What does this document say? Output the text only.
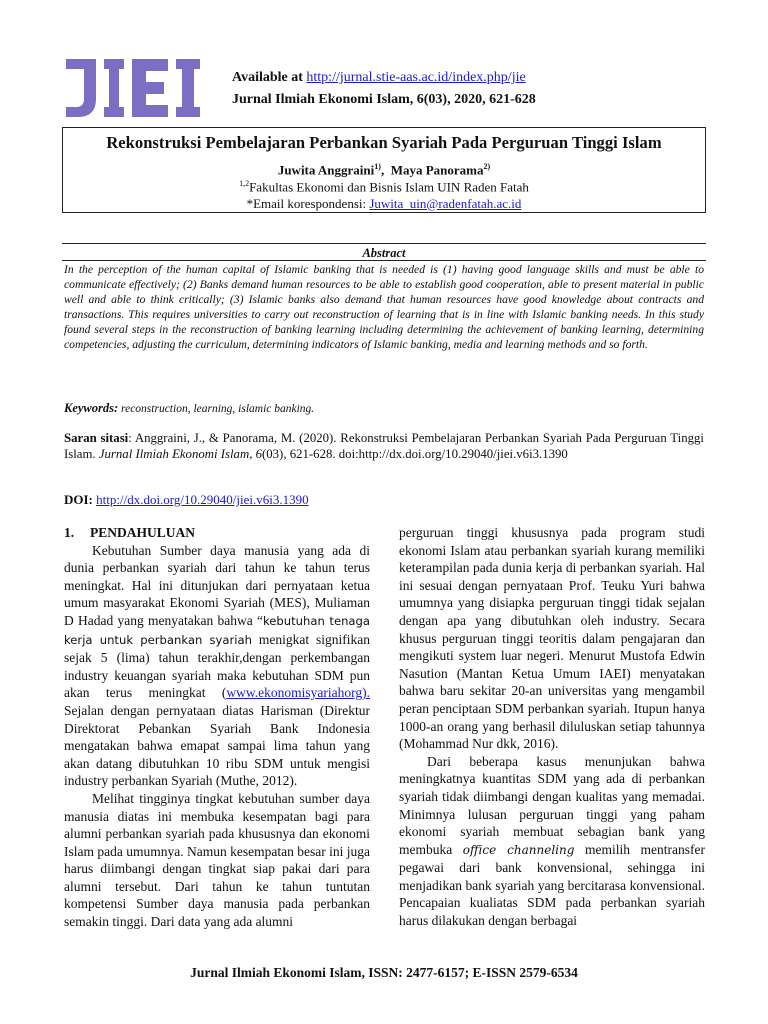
Available at http://jurnal.stie-aas.ac.id/index.php/jie
Jurnal Ilmiah Ekonomi Islam, 6(03), 2020, 621-628
Rekonstruksi Pembelajaran Perbankan Syariah Pada Perguruan Tinggi Islam
Juwita Anggraini$^{1)}$,  Maya Panorama$^{2)}$
$^{1,2}$Fakultas Ekonomi dan Bisnis Islam UIN Raden Fatah
*Email korespondensi: Juwita_uin@radenfatah.ac.id
Abstract
In the perception of the human capital of Islamic banking that is needed is (1) having good language skills and must be able to communicate effectively; (2) Banks demand human resources to be able to establish good cooperation, able to present material in public well and able to think critically; (3) Islamic banks also demand that human resources have good knowledge about contracts and transactions. This requires universities to carry out reconstruction of learning that is in line with Islamic banking needs. In this study found several steps in the reconstruction of banking learning including determining the achievement of banking learning, determining competencies, adjusting the curriculum, determining indicators of Islamic banking, media and learning methods and so forth.
Keywords: reconstruction, learning, islamic banking.
Saran sitasi: Anggraini, J., & Panorama, M. (2020). Rekonstruksi Pembelajaran Perbankan Syariah Pada Perguruan Tinggi Islam. Jurnal Ilmiah Ekonomi Islam, 6(03), 621-628. doi:http://dx.doi.org/10.29040/jiei.v6i3.1390
DOI: http://dx.doi.org/10.29040/jiei.v6i3.1390
1. PENDAHULUAN

Kebutuhan Sumber daya manusia yang ada di dunia perbankan syariah dari tahun ke tahun terus meningkat. Hal ini ditunjukan dari pernyataan ketua umum masyarakat Ekonomi Syariah (MES), Muliaman D Hadad yang menyatakan bahwa “kebutuhan tenaga kerja untuk perbankan syariah menigkat signifikan sejak 5 (lima) tahun terakhir,dengan perkembangan industry keuangan syariah maka kebutuhan SDM pun akan terus meningkat (www.ekonomisyariahorg). Sejalan dengan pernyataan diatas Harisman (Direktur Direktorat Pebankan Syariah Bank Indonesia mengatakan bahwa emapat sampai lima tahun yang akan datang dibutuhkan 10 ribu SDM untuk mengisi industry perbankan Syariah (Muthe, 2012).

Melihat tingginya tingkat kebutuhan sumber daya manusia diatas ini membuka kesempatan bagi para alumni perbankan syariah pada khususnya dan ekonomi Islam pada umumnya. Namun kesempatan besar ini juga harus diimbangi dengan tingkat siap pakai dari para alumni tersebut. Dari tahun ke tahun tuntutan kompetensi Sumber daya manusia pada perbankan semakin tinggi. Dari data yang ada alumni

perguruan tinggi khususnya pada program studi ekonomi Islam atau perbankan syariah kurang memiliki keterampilan pada dunia kerja di perbankan syariah. Hal ini sesuai dengan pernyataan Prof. Teuku Yuri bahwa umumnya yang disiapka perguruan tinggi tidak sejalan dengan apa yang dibutuhkan oleh industry. Secara khusus perguruan tinggi teoritis dalam pengajaran dan mengikuti system luar negeri. Menurut Mustofa Edwin Nasution (Mantan Ketua Umum IAEI) menyatakan bahwa baru sekitar 20-an universitas yang mengambil peran penciptaan SDM perbankan syariah. Itupun hanya 1000-an orang yang berhasil diluluskan setiap tahunnya (Mohammad Nur dkk, 2016).

Dari beberapa kasus menunjukan bahwa meningkatnya kuantitas SDM yang ada di perbankan syariah tidak diimbangi dengan kualitas yang memadai. Minimnya lulusan perguruan tinggi yang paham ekonomi syariah membuat sebagian bank yang membuka office channeling memilih mentransfer pegawai dari bank konvensional, sehingga ini menjadikan bank syariah yang bercitarasa konvensional. Pencapaian kualiatas SDM pada perbankan syariah harus dilakukan dengan berbagai

Jurnal Ilmiah Ekonomi Islam, ISSN: 2477-6157; E-ISSN 2579-6534
